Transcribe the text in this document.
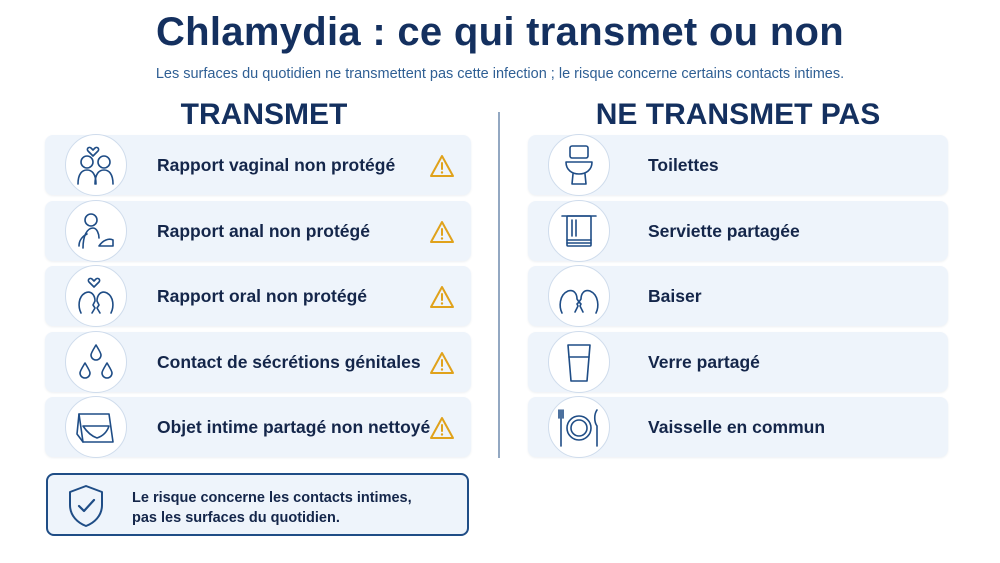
Chlamydia : ce qui transmet ou non
Les surfaces du quotidien ne transmettent pas cette infection ; le risque concerne certains contacts intimes.
TRANSMET	NE TRANSMET PAS
Rapport vaginal non protégé
Rapport anal non protégé
Rapport oral non protégé
Contact de sécrétions génitales
Objet intime partagé non nettoyé
Toilettes
Serviette partagée
Baiser
Verre partagé
Vaisselle en commun
Le risque concerne les contacts intimes,
pas les surfaces du quotidien.
